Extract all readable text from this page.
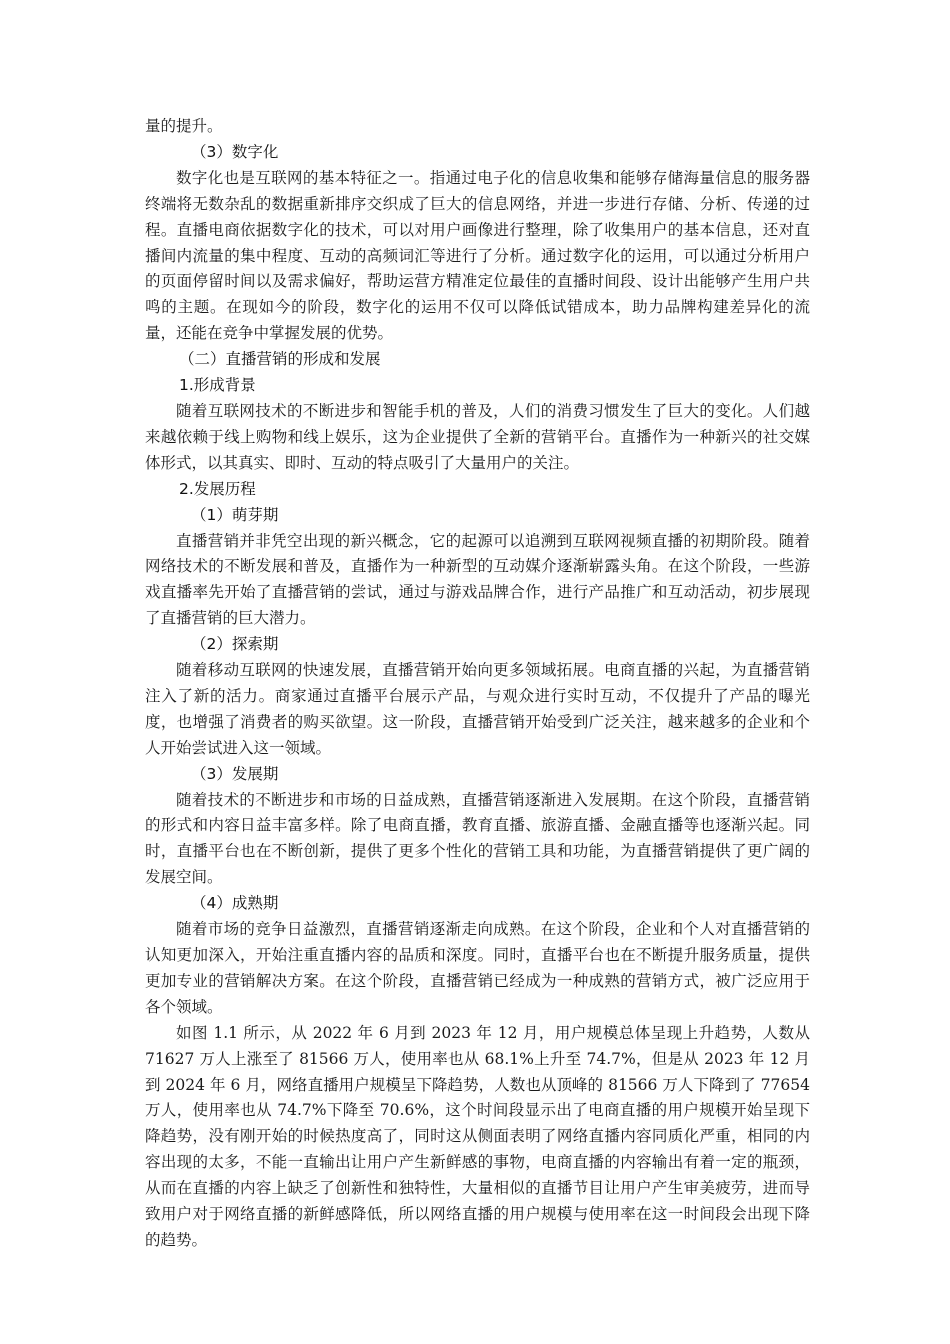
量的提升。

（3）数字化

数字化也是互联网的基本特征之一。指通过电子化的信息收集和能够存储海量信息的服务器终端将无数杂乱的数据重新排序交织成了巨大的信息网络，并进一步进行存储、分析、传递的过程。直播电商依据数字化的技术，可以对用户画像进行整理，除了收集用户的基本信息，还对直播间内流量的集中程度、互动的高频词汇等进行了分析。通过数字化的运用，可以通过分析用户的页面停留时间以及需求偏好，帮助运营方精准定位最佳的直播时间段、设计出能够产生用户共鸣的主题。在现如今的阶段，数字化的运用不仅可以降低试错成本，助力品牌构建差异化的流量，还能在竞争中掌握发展的优势。

（二）直播营销的形成和发展
1.形成背景

随着互联网技术的不断进步和智能手机的普及，人们的消费习惯发生了巨大的变化。人们越来越依赖于线上购物和线上娱乐，这为企业提供了全新的营销平台。直播作为一种新兴的社交媒体形式，以其真实、即时、互动的特点吸引了大量用户的关注。

2.发展历程
（1）萌芽期

直播营销并非凭空出现的新兴概念，它的起源可以追溯到互联网视频直播的初期阶段。随着网络技术的不断发展和普及，直播作为一种新型的互动媒介逐渐崭露头角。在这个阶段，一些游戏直播率先开始了直播营销的尝试，通过与游戏品牌合作，进行产品推广和互动活动，初步展现了直播营销的巨大潜力。

（2）探索期

随着移动互联网的快速发展，直播营销开始向更多领域拓展。电商直播的兴起，为直播营销注入了新的活力。商家通过直播平台展示产品，与观众进行实时互动，不仅提升了产品的曝光度，也增强了消费者的购买欲望。这一阶段，直播营销开始受到广泛关注，越来越多的企业和个人开始尝试进入这一领域。

（3）发展期

随着技术的不断进步和市场的日益成熟，直播营销逐渐进入发展期。在这个阶段，直播营销的形式和内容日益丰富多样。除了电商直播，教育直播、旅游直播、金融直播等也逐渐兴起。同时，直播平台也在不断创新，提供了更多个性化的营销工具和功能，为直播营销提供了更广阔的发展空间。

（4）成熟期

随着市场的竞争日益激烈，直播营销逐渐走向成熟。在这个阶段，企业和个人对直播营销的认知更加深入，开始注重直播内容的品质和深度。同时，直播平台也在不断提升服务质量，提供更加专业的营销解决方案。在这个阶段，直播营销已经成为一种成熟的营销方式，被广泛应用于各个领域。

如图 1.1 所示，从 2022 年 6 月到 2023 年 12 月，用户规模总体呈现上升趋势，人数从 71627 万人上涨至了 81566 万人，使用率也从 68.1%上升至 74.7%，但是从 2023 年 12 月到 2024 年 6 月，网络直播用户规模呈下降趋势，人数也从顶峰的 81566 万人下降到了 77654 万人，使用率也从 74.7%下降至 70.6%，这个时间段显示出了电商直播的用户规模开始呈现下降趋势，没有刚开始的时候热度高了，同时这从侧面表明了网络直播内容同质化严重，相同的内容出现的太多，不能一直输出让用户产生新鲜感的事物，电商直播的内容输出有着一定的瓶颈，从而在直播的内容上缺乏了创新性和独特性，大量相似的直播节目让用户产生审美疲劳，进而导致用户对于网络直播的新鲜感降低，所以网络直播的用户规模与使用率在这一时间段会出现下降的趋势。
